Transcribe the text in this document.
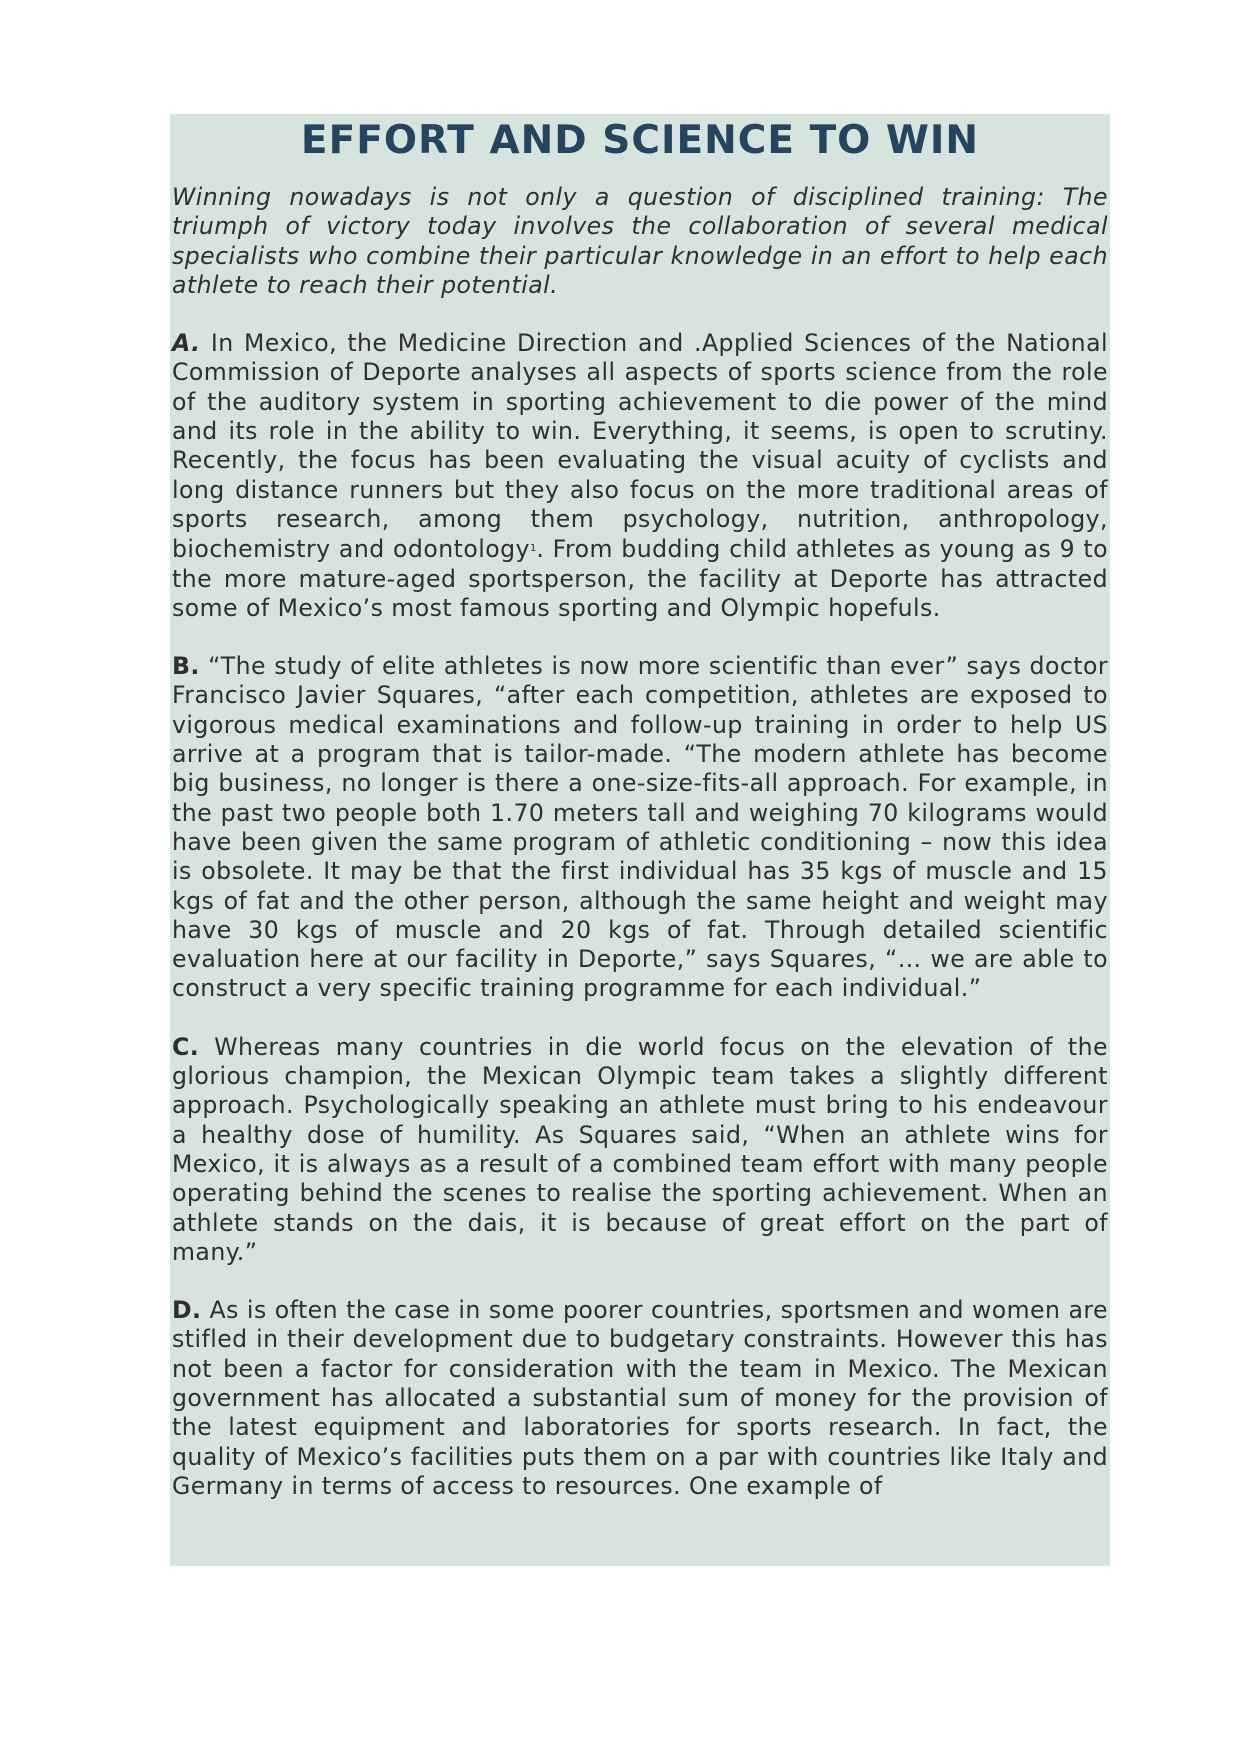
EFFORT AND SCIENCE TO WIN

Winning nowadays is not only a question of disciplined training: The triumph of victory today involves the collaboration of several medical specialists who combine their particular knowledge in an effort to help each athlete to reach their potential.

A. In Mexico, the Medicine Direction and .Applied Sciences of the National Commission of Deporte analyses all aspects of sports science from the role of the auditory system in sporting achievement to die power of the mind and its role in the ability to win. Everything, it seems, is open to scrutiny. Recently, the focus has been evaluating the visual acuity of cyclists and long distance runners but they also focus on the more traditional areas of sports research, among them psychology, nutrition, anthropology, biochemistry and odontology$^1$. From budding child athletes as young as 9 to the more mature-aged sportsperson, the facility at Deporte has attracted some of Mexico’s most famous sporting and Olympic hopefuls.

B. “The study of elite athletes is now more scientific than ever” says doctor Francisco Javier Squares, “after each competition, athletes are exposed to vigorous medical examinations and follow-up training in order to help US arrive at a program that is tailor-made. “The modern athlete has become big business, no longer is there a one-size-fits-all approach. For example, in the past two people both 1.70 meters tall and weighing 70 kilograms would have been given the same program of athletic conditioning – now this idea is obsolete. It may be that the first individual has 35 kgs of muscle and 15 kgs of fat and the other person, although the same height and weight may have 30 kgs of muscle and 20 kgs of fat. Through detailed scientific evaluation here at our facility in Deporte,” says Squares, “… we are able to construct a very specific training programme for each individual.”

C. Whereas many countries in die world focus on the elevation of the glorious champion, the Mexican Olympic team takes a slightly different approach. Psychologically speaking an athlete must bring to his endeavour a healthy dose of humility. As Squares said, “When an athlete wins for Mexico, it is always as a result of a combined team effort with many people operating behind the scenes to realise the sporting achievement. When an athlete stands on the dais, it is because of great effort on the part of many.”

D. As is often the case in some poorer countries, sportsmen and women are stifled in their development due to budgetary constraints. However this has not been a factor for consideration with the team in Mexico. The Mexican government has allocated a substantial sum of money for the provision of the latest equipment and laboratories for sports research. In fact, the quality of Mexico’s facilities puts them on a par with countries like Italy and Germany in terms of access to resources. One example of
